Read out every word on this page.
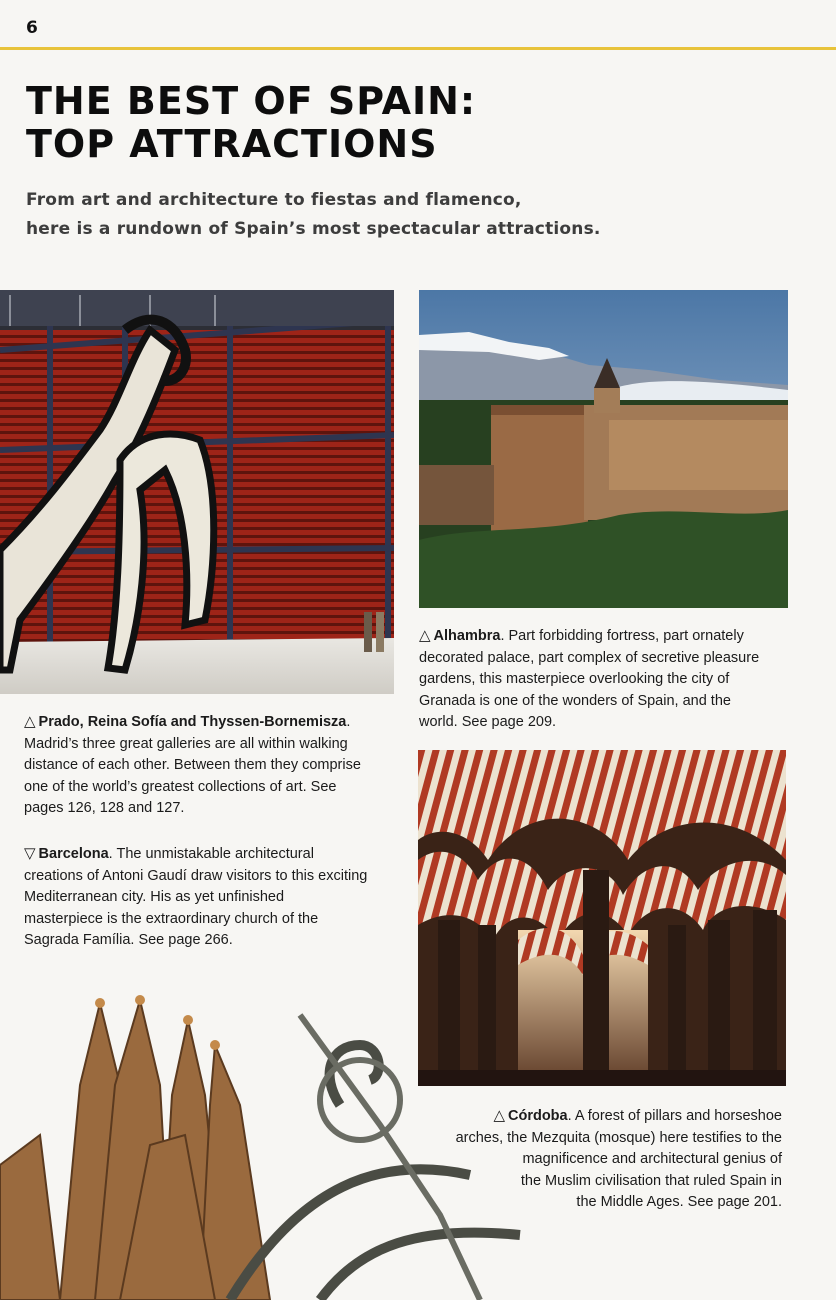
6
THE BEST OF SPAIN:
TOP ATTRACTIONS
From art and architecture to fiestas and flamenco,
here is a rundown of Spain’s most spectacular attractions.
△ Prado, Reina Sofía and Thyssen-Bornemisza.
Madrid’s three great galleries are all within walking
distance of each other. Between them they comprise
one of the world’s greatest collections of art. See
pages 126, 128 and 127.
▽ Barcelona. The unmistakable architectural
creations of Antoni Gaudí draw visitors to this exciting
Mediterranean city. His as yet unfinished
masterpiece is the extraordinary church of the
Sagrada Família. See page 266.
△ Alhambra. Part forbidding fortress, part ornately
decorated palace, part complex of secretive pleasure
gardens, this masterpiece overlooking the city of
Granada is one of the wonders of Spain, and the
world. See page 209.
△ Córdoba. A forest of pillars and horseshoe
arches, the Mezquita (mosque) here testifies to the
magnificence and architectural genius of
the Muslim civilisation that ruled Spain in
the Middle Ages. See page 201.
